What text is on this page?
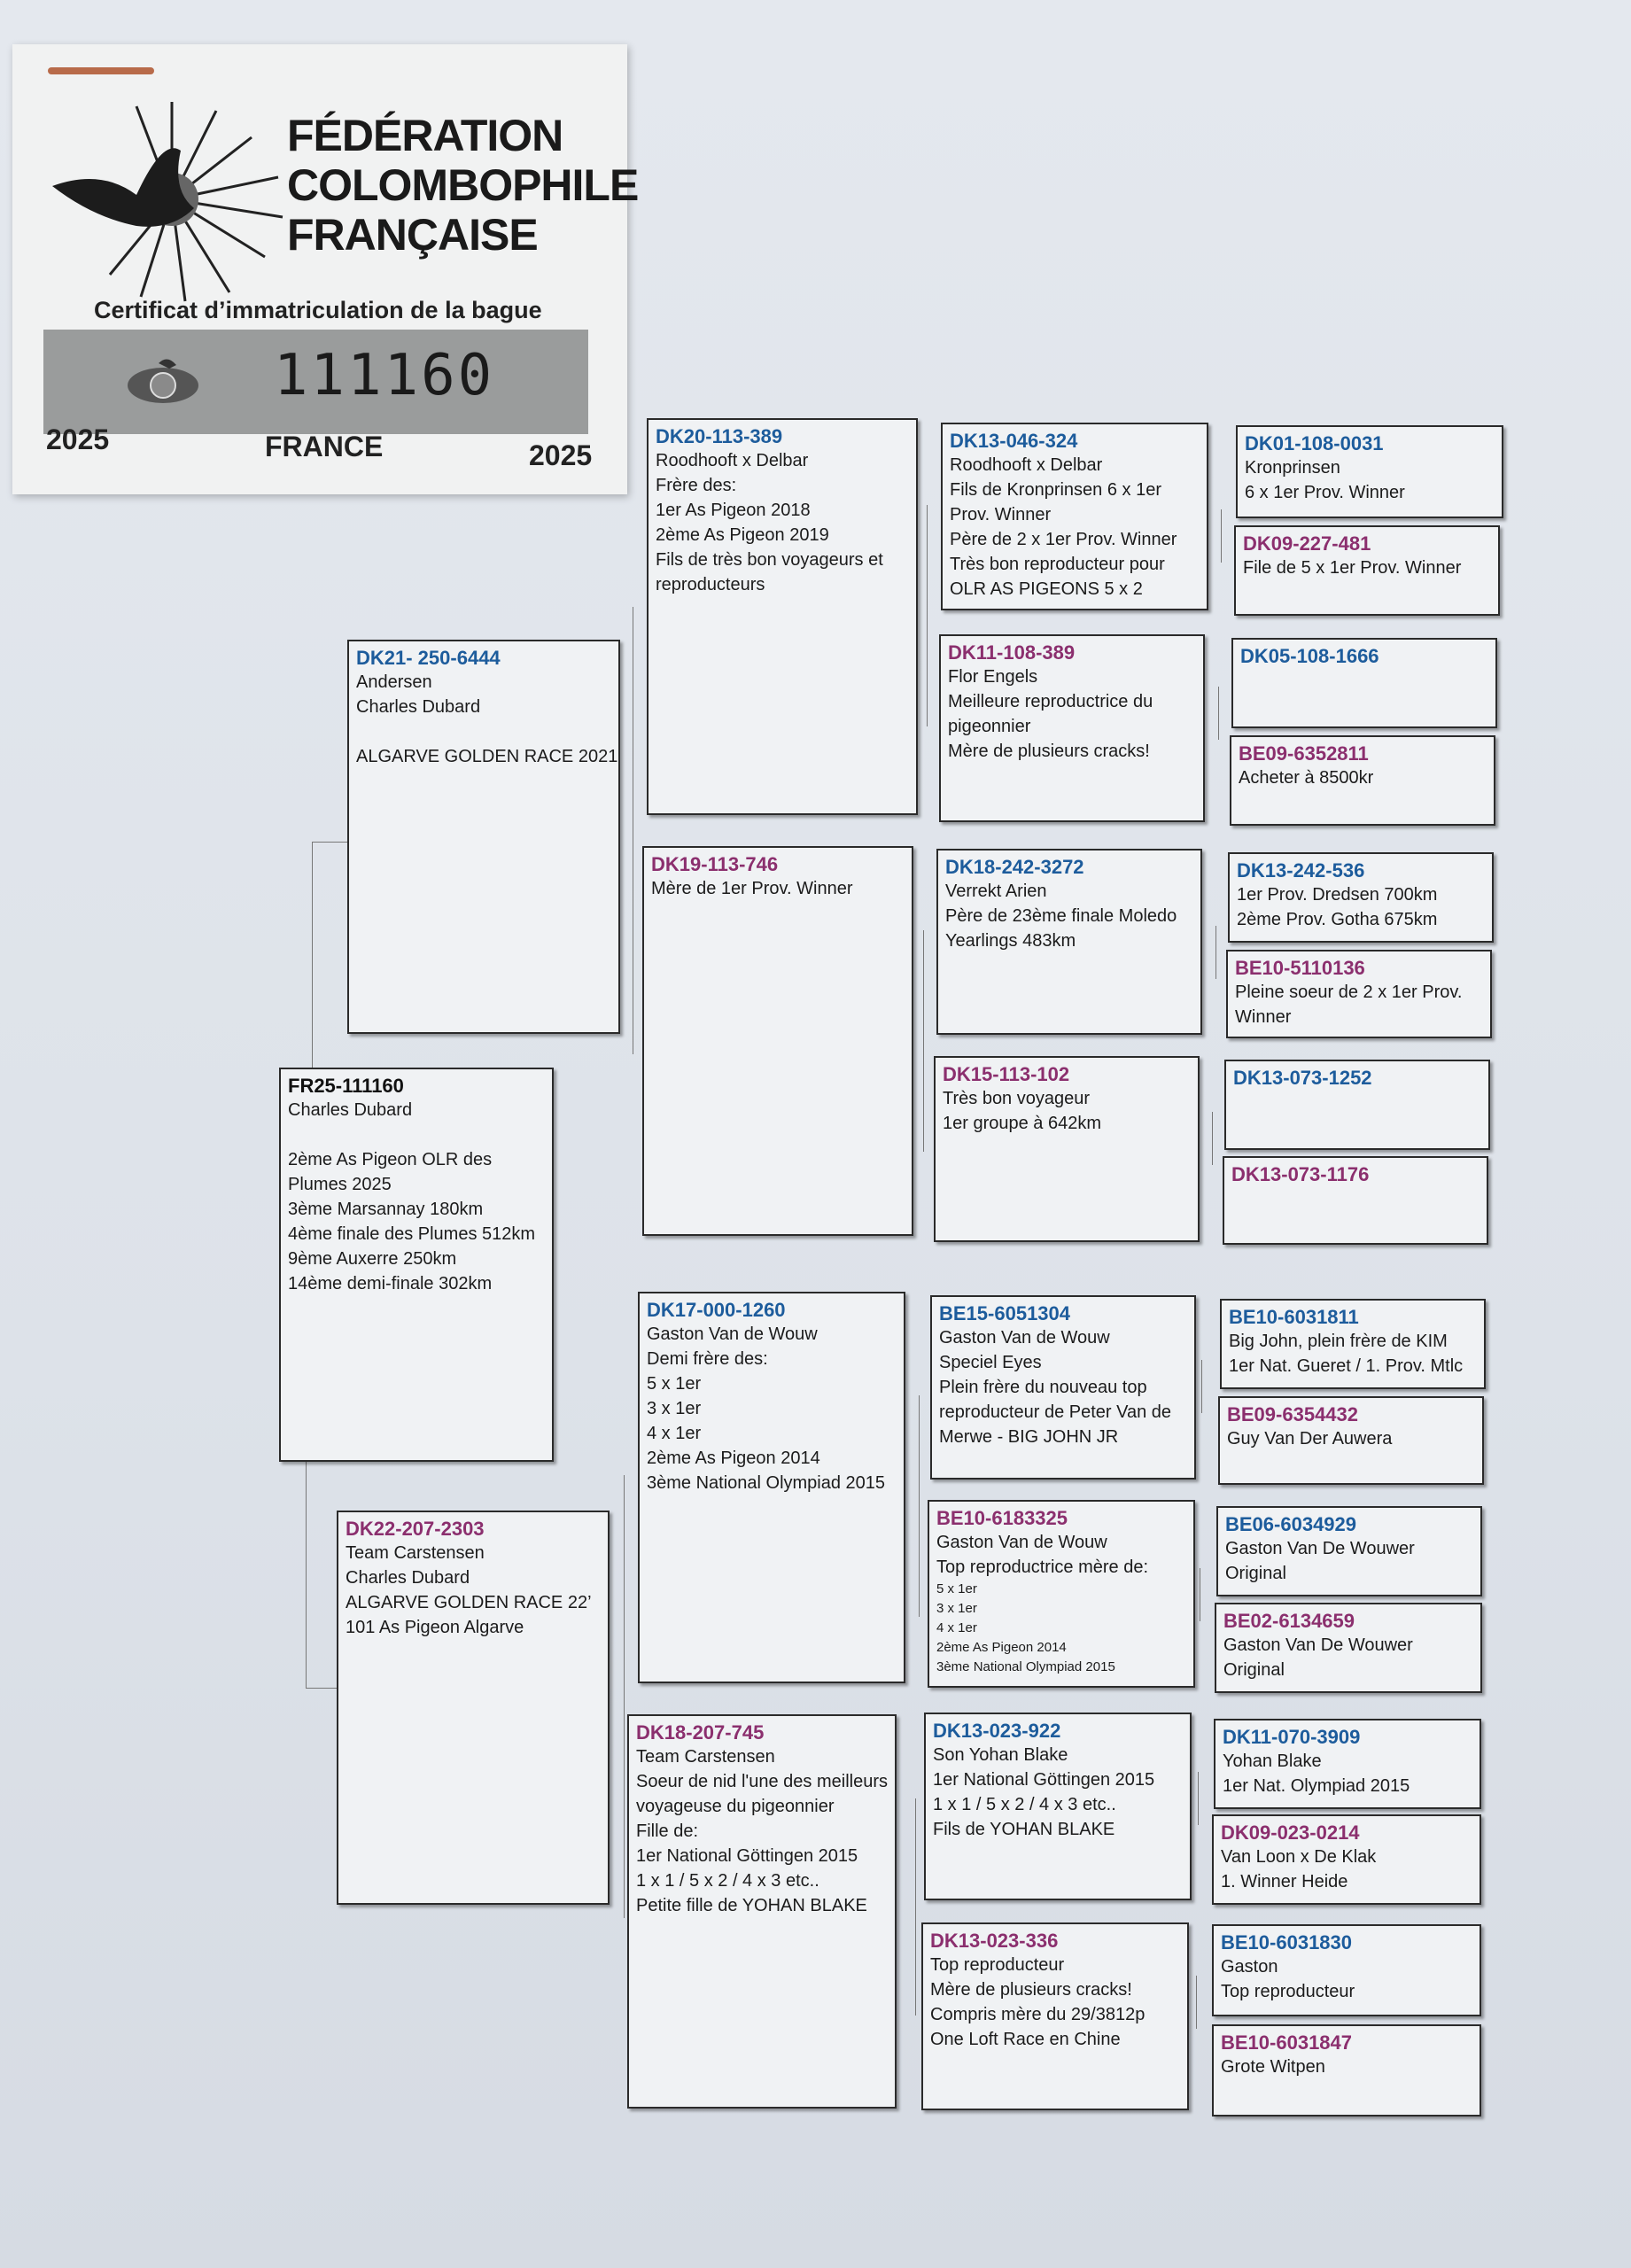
FÉDÉRATION
COLOMBOPHILE
FRANÇAISE
Certificat d’immatriculation de la bague
111160
2025	FRANCE	2025
FR25-111160
Charles Dubard
2ème As Pigeon OLR des
Plumes 2025
3ème Marsannay 180km
4ème finale des Plumes 512km
9ème Auxerre 250km
14ème demi-finale 302km
DK21- 250-6444
Andersen
Charles Dubard
ALGARVE GOLDEN RACE 2021
DK22-207-2303
Team Carstensen
Charles Dubard
ALGARVE GOLDEN RACE 22’
101 As Pigeon Algarve
DK20-113-389
Roodhooft x Delbar
Frère des:
1er As Pigeon 2018
2ème As Pigeon 2019
Fils de très bon voyageurs et
reproducteurs
DK19-113-746
Mère de 1er Prov. Winner
DK17-000-1260
Gaston Van de Wouw
Demi frère des:
5 x 1er
3 x 1er
4 x 1er
2ème As Pigeon 2014
3ème National Olympiad 2015
DK18-207-745
Team Carstensen
Soeur de nid l'une des meilleurs
voyageuse du pigeonnier
Fille de:
1er National Göttingen 2015
1 x 1 / 5 x 2 / 4 x 3 etc..
Petite fille de YOHAN BLAKE
DK13-046-324
Roodhooft x Delbar
Fils de Kronprinsen 6 x 1er
Prov. Winner
Père de 2 x 1er Prov. Winner
Très bon reproducteur pour
OLR AS PIGEONS 5 x 2
DK11-108-389
Flor Engels
Meilleure reproductrice du
pigeonnier
Mère de plusieurs cracks!
DK18-242-3272
Verrekt Arien
Père de 23ème finale Moledo
Yearlings 483km
DK15-113-102
Très bon voyageur
1er groupe à 642km
BE15-6051304
Gaston Van de Wouw
Speciel Eyes
Plein frère du nouveau top
reproducteur de Peter Van de
Merwe - BIG JOHN JR
BE10-6183325
Gaston Van de Wouw
Top reproductrice mère de:
5 x 1er
3 x 1er
4 x 1er
2ème As Pigeon 2014
3ème National Olympiad 2015
DK13-023-922
Son Yohan Blake
1er National Göttingen 2015
1 x 1 / 5 x 2 / 4 x 3 etc..
Fils de YOHAN BLAKE
DK13-023-336
Top reproducteur
Mère de plusieurs cracks!
Compris mère du 29/3812p
One Loft Race en Chine
DK01-108-0031
Kronprinsen
6 x 1er Prov. Winner
DK09-227-481
File de 5 x 1er Prov. Winner
DK05-108-1666
BE09-6352811
Acheter à 8500kr
DK13-242-536
1er Prov. Dredsen 700km
2ème Prov. Gotha 675km
BE10-5110136
Pleine soeur de 2 x 1er Prov.
Winner
DK13-073-1252
DK13-073-1176
BE10-6031811
Big John, plein frère de KIM
1er Nat. Gueret / 1. Prov. Mtlc
BE09-6354432
Guy Van Der Auwera
BE06-6034929
Gaston Van De Wouwer
Original
BE02-6134659
Gaston Van De Wouwer
Original
DK11-070-3909
Yohan Blake
1er Nat. Olympiad 2015
DK09-023-0214
Van Loon x De Klak
1. Winner Heide
BE10-6031830
Gaston
Top reproducteur
BE10-6031847
Grote Witpen
